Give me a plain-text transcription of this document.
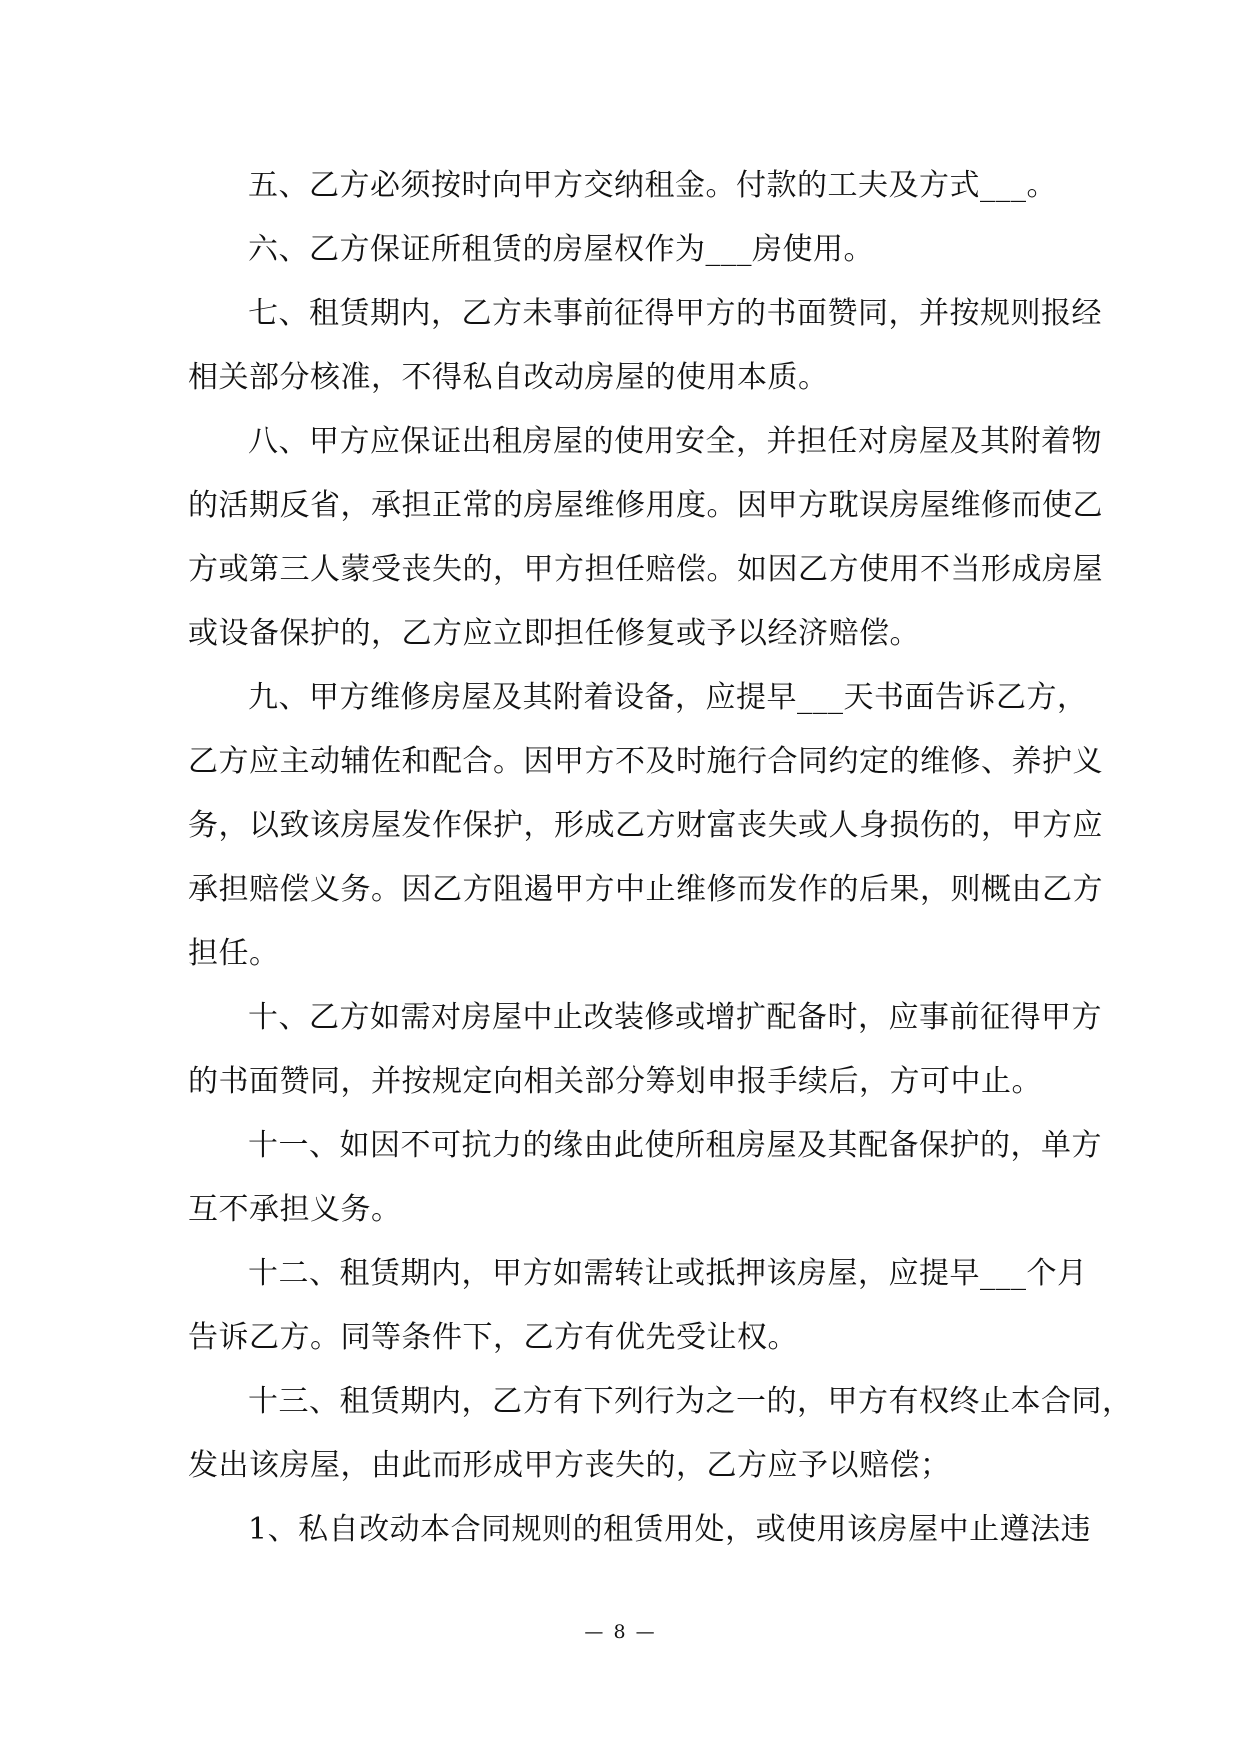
五、乙方必须按时向甲方交纳租金。付款的工夫及方式___。
六、乙方保证所租赁的房屋权作为___房使用。
七、租赁期内，乙方未事前征得甲方的书面赞同，并按规则报经
相关部分核准，不得私自改动房屋的使用本质。
八、甲方应保证出租房屋的使用安全，并担任对房屋及其附着物
的活期反省，承担正常的房屋维修用度。因甲方耽误房屋维修而使乙
方或第三人蒙受丧失的，甲方担任赔偿。如因乙方使用不当形成房屋
或设备保护的，乙方应立即担任修复或予以经济赔偿。
九、甲方维修房屋及其附着设备，应提早___天书面告诉乙方，
乙方应主动辅佐和配合。因甲方不及时施行合同约定的维修、养护义
务，以致该房屋发作保护，形成乙方财富丧失或人身损伤的，甲方应
承担赔偿义务。因乙方阻遏甲方中止维修而发作的后果，则概由乙方
担任。
十、乙方如需对房屋中止改装修或增扩配备时，应事前征得甲方
的书面赞同，并按规定向相关部分筹划申报手续后，方可中止。
十一、如因不可抗力的缘由此使所租房屋及其配备保护的，单方
互不承担义务。
十二、租赁期内，甲方如需转让或抵押该房屋，应提早___个月
告诉乙方。同等条件下，乙方有优先受让权。
十三、租赁期内，乙方有下列行为之一的，甲方有权终止本合同，
发出该房屋，由此而形成甲方丧失的，乙方应予以赔偿；
1、私自改动本合同规则的租赁用处，或使用该房屋中止遵法违
— 8 —
